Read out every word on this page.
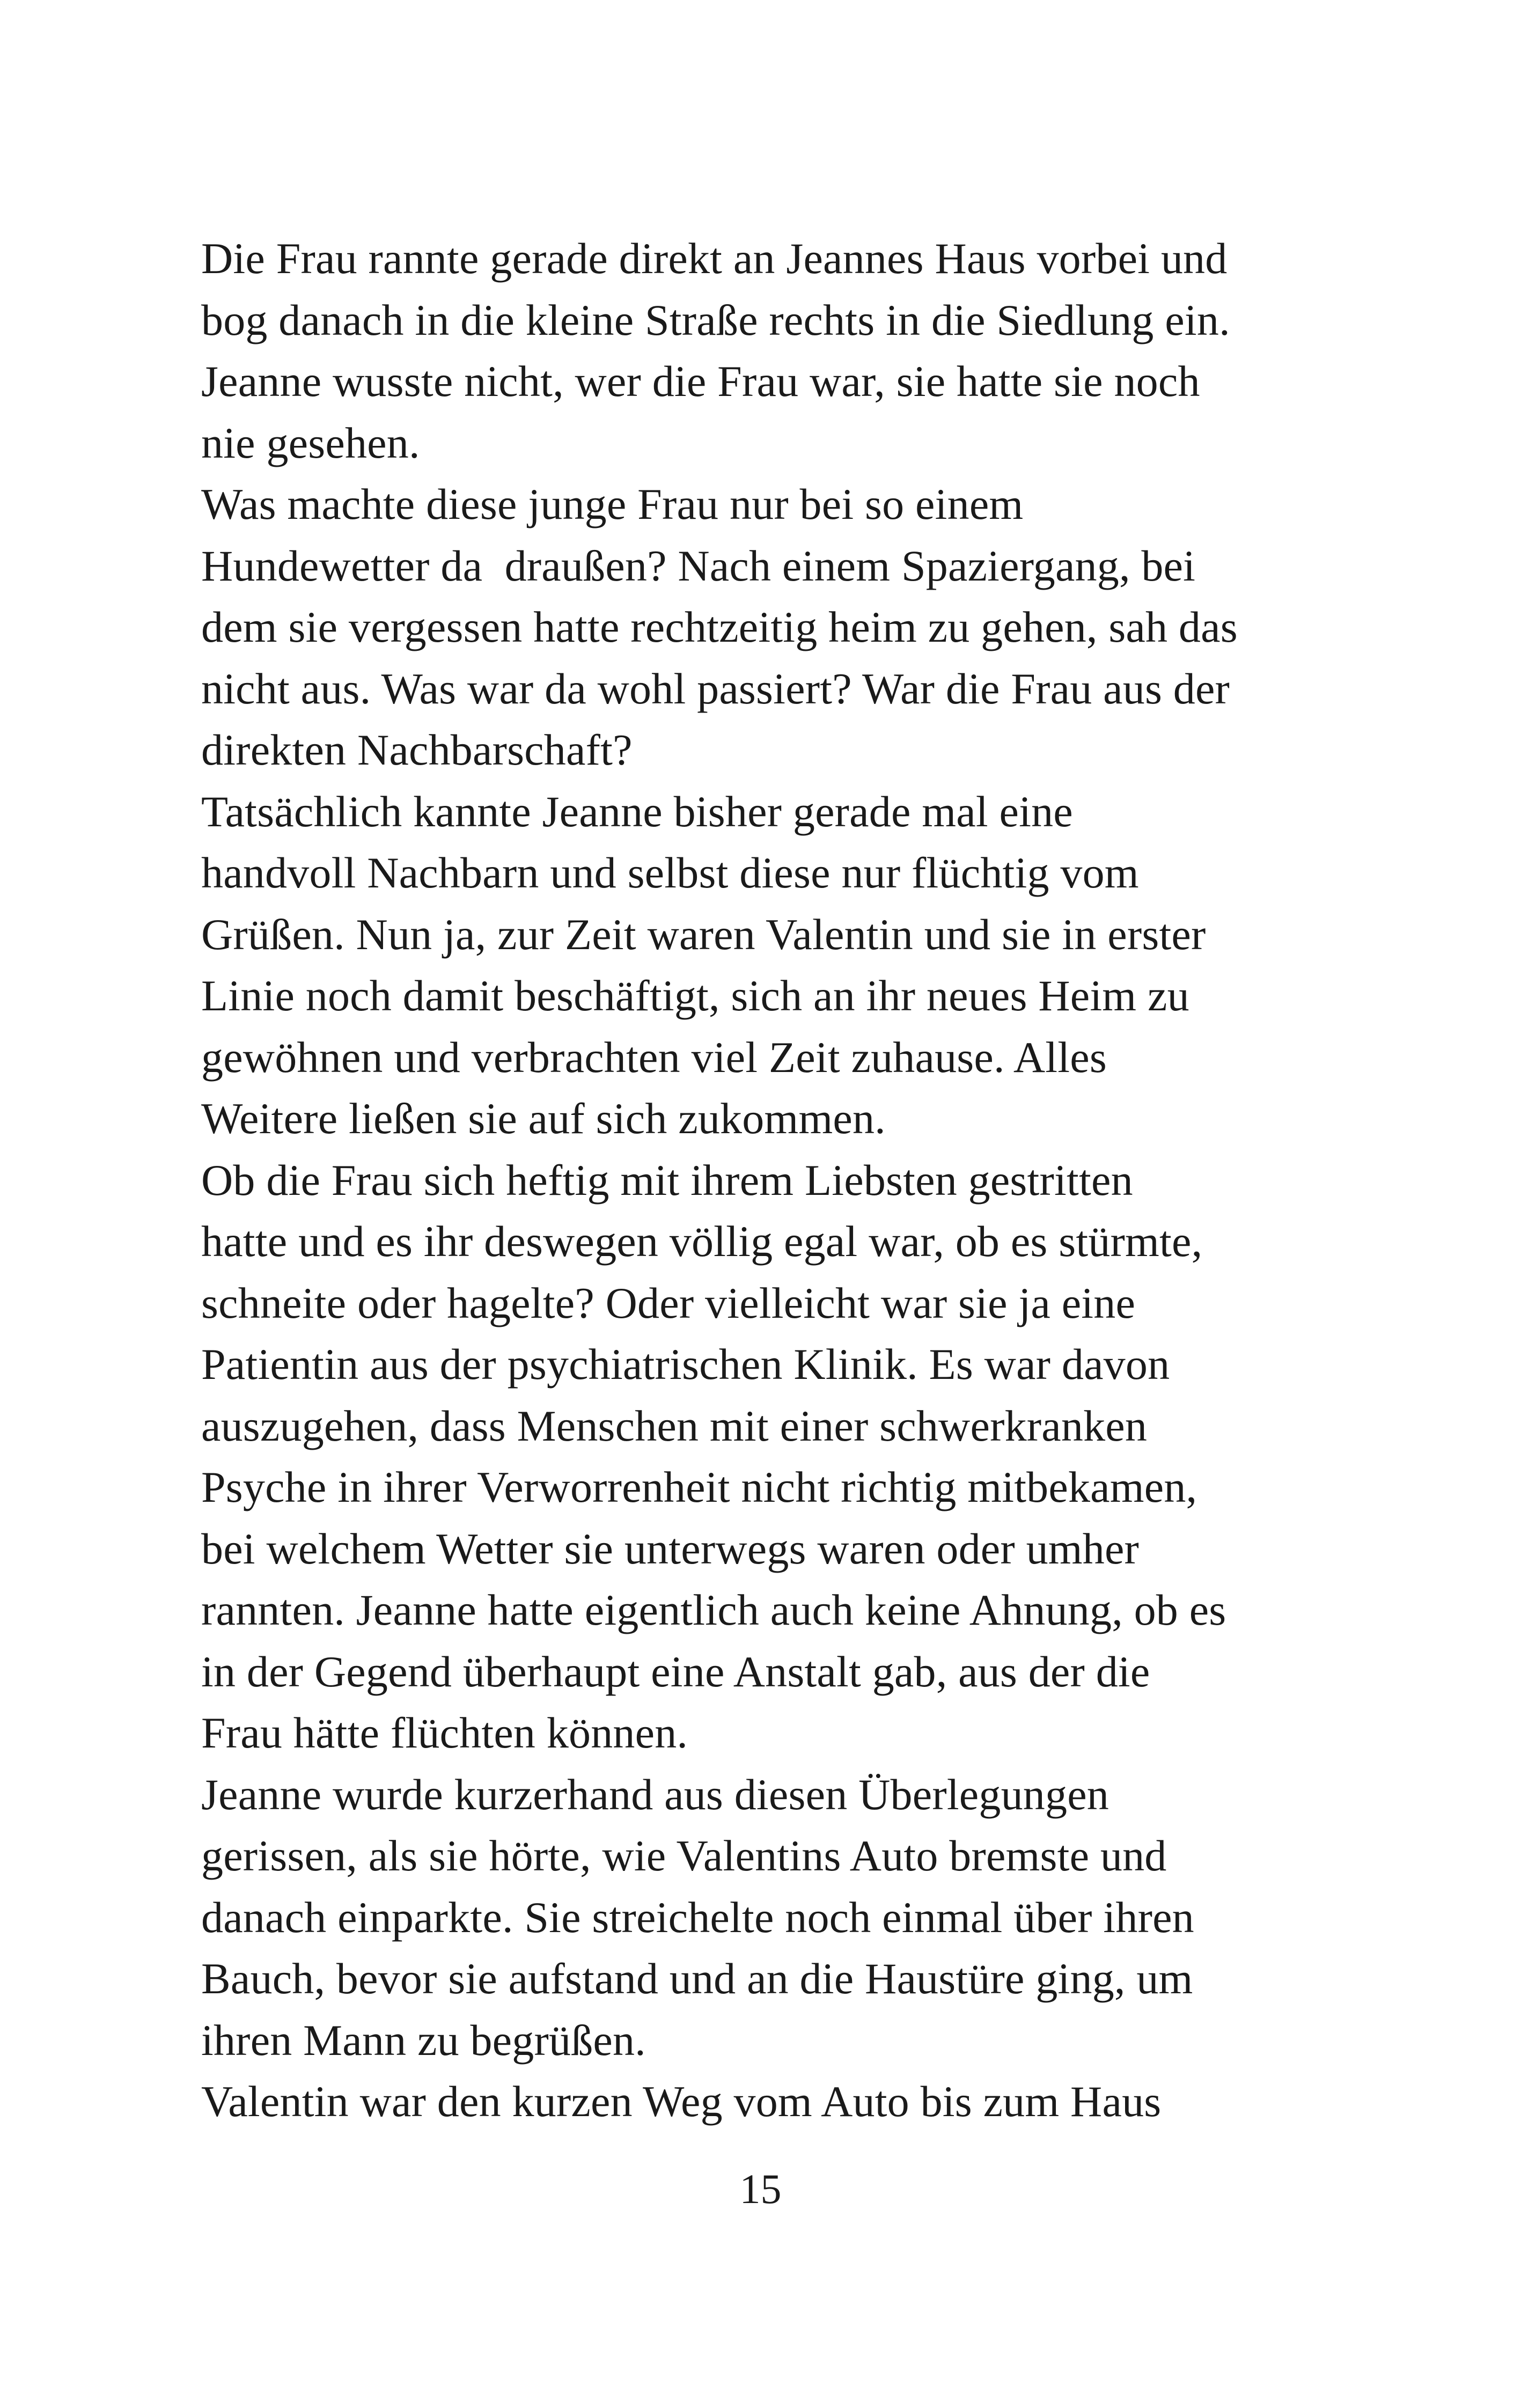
Die Frau rannte gerade direkt an Jeannes Haus vorbei und
bog danach in die kleine Straße rechts in die Siedlung ein.
Jeanne wusste nicht, wer die Frau war, sie hatte sie noch
nie gesehen.
Was machte diese junge Frau nur bei so einem
Hundewetter da  draußen? Nach einem Spaziergang, bei
dem sie vergessen hatte rechtzeitig heim zu gehen, sah das
nicht aus. Was war da wohl passiert? War die Frau aus der
direkten Nachbarschaft?
Tatsächlich kannte Jeanne bisher gerade mal eine
handvoll Nachbarn und selbst diese nur flüchtig vom
Grüßen. Nun ja, zur Zeit waren Valentin und sie in erster
Linie noch damit beschäftigt, sich an ihr neues Heim zu
gewöhnen und verbrachten viel Zeit zuhause. Alles
Weitere ließen sie auf sich zukommen.
Ob die Frau sich heftig mit ihrem Liebsten gestritten
hatte und es ihr deswegen völlig egal war, ob es stürmte,
schneite oder hagelte? Oder vielleicht war sie ja eine
Patientin aus der psychiatrischen Klinik. Es war davon
auszugehen, dass Menschen mit einer schwerkranken
Psyche in ihrer Verworrenheit nicht richtig mitbekamen,
bei welchem Wetter sie unterwegs waren oder umher
rannten. Jeanne hatte eigentlich auch keine Ahnung, ob es
in der Gegend überhaupt eine Anstalt gab, aus der die
Frau hätte flüchten können.
Jeanne wurde kurzerhand aus diesen Überlegungen
gerissen, als sie hörte, wie Valentins Auto bremste und
danach einparkte. Sie streichelte noch einmal über ihren
Bauch, bevor sie aufstand und an die Haustüre ging, um
ihren Mann zu begrüßen.
Valentin war den kurzen Weg vom Auto bis zum Haus
15
